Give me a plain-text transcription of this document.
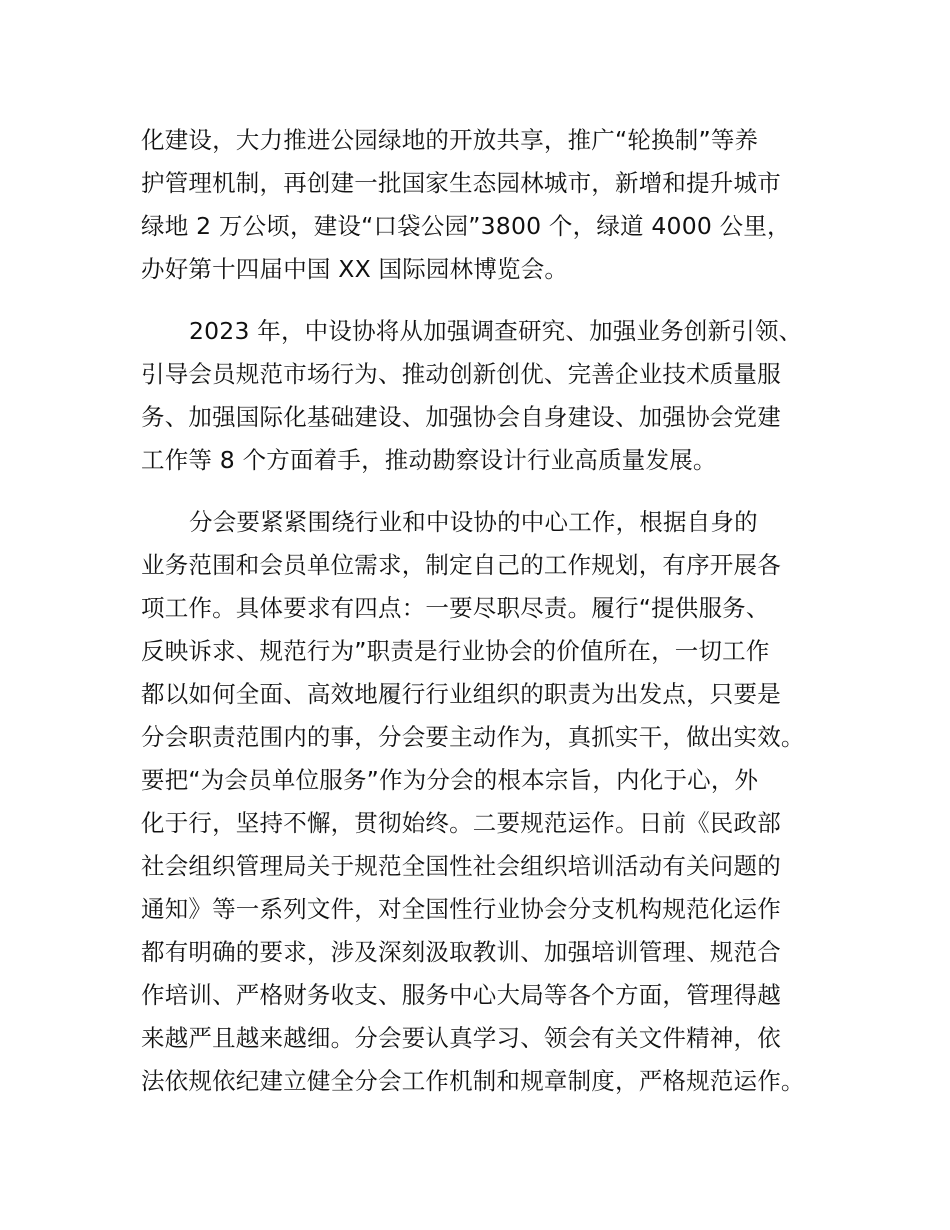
化建设，大力推进公园绿地的开放共享，推广“轮换制”等养
护管理机制，再创建一批国家生态园林城市，新增和提升城市
绿地 2 万公顷，建设“口袋公园”3800 个，绿道 4000 公里，
办好第十四届中国 XX 国际园林博览会。
2023 年，中设协将从加强调查研究、加强业务创新引领、
引导会员规范市场行为、推动创新创优、完善企业技术质量服
务、加强国际化基础建设、加强协会自身建设、加强协会党建
工作等 8 个方面着手，推动勘察设计行业高质量发展。
分会要紧紧围绕行业和中设协的中心工作，根据自身的
业务范围和会员单位需求，制定自己的工作规划，有序开展各
项工作。具体要求有四点：一要尽职尽责。履行“提供服务、
反映诉求、规范行为”职责是行业协会的价值所在，一切工作
都以如何全面、高效地履行行业组织的职责为出发点，只要是
分会职责范围内的事，分会要主动作为，真抓实干，做出实效。
要把“为会员单位服务”作为分会的根本宗旨，内化于心，外
化于行，坚持不懈，贯彻始终。二要规范运作。日前《民政部
社会组织管理局关于规范全国性社会组织培训活动有关问题的
通知》等一系列文件，对全国性行业协会分支机构规范化运作
都有明确的要求，涉及深刻汲取教训、加强培训管理、规范合
作培训、严格财务收支、服务中心大局等各个方面，管理得越
来越严且越来越细。分会要认真学习、领会有关文件精神，依
法依规依纪建立健全分会工作机制和规章制度，严格规范运作。
